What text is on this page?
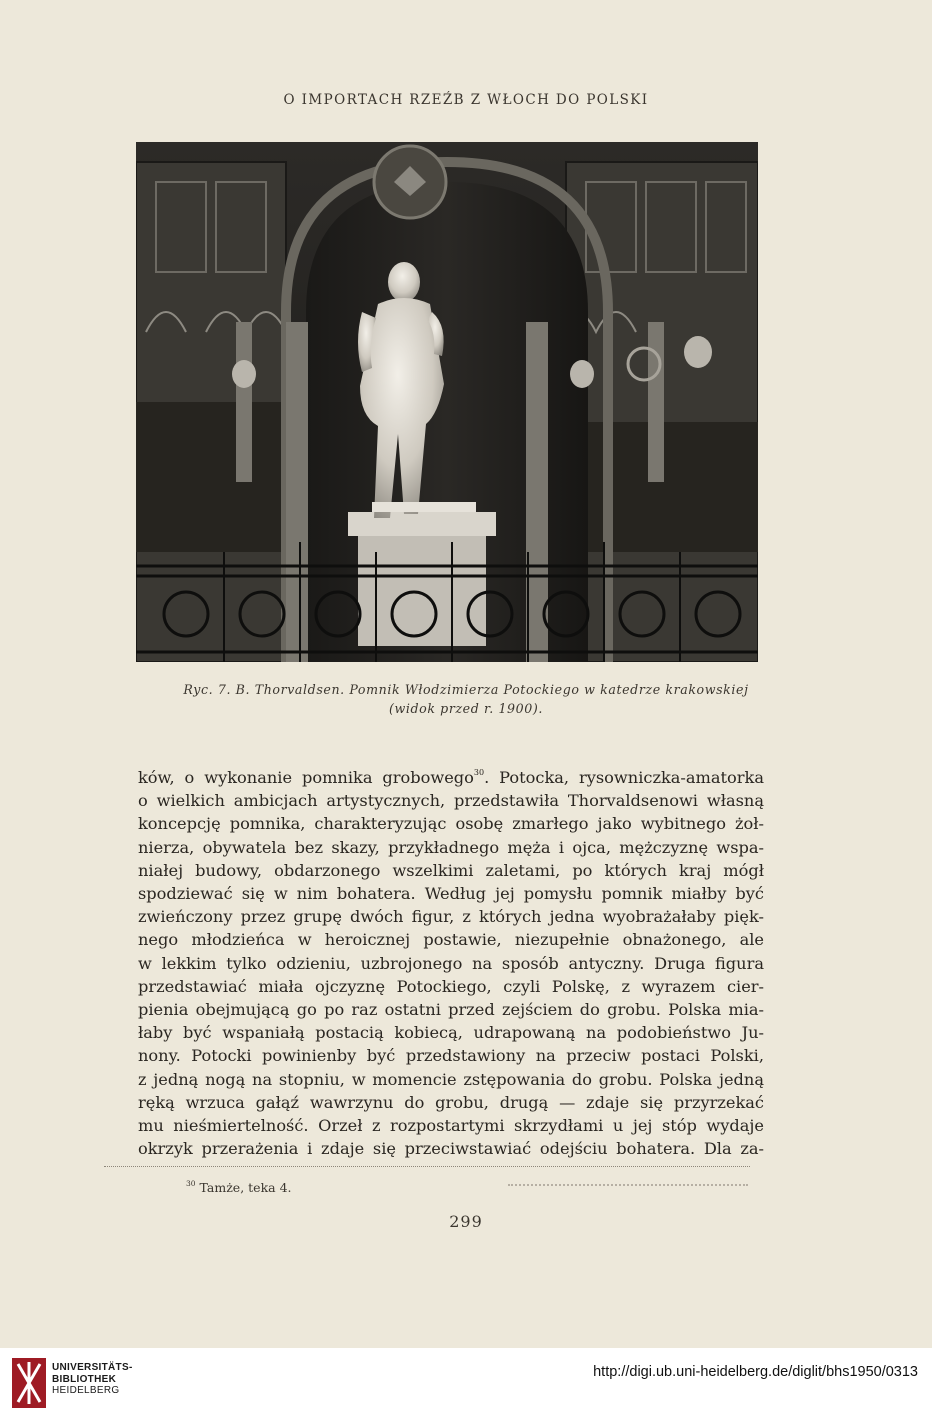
O IMPORTACH RZEŹB Z WŁOCH DO POLSKI
Ryc. 7. B. Thorvaldsen. Pomnik Włodzimierza Potockiego w katedrze krakowskiej
(widok przed r. 1900).
ków, o wykonanie pomnika grobowego$^{30}$. Potocka, rysowniczka-amatorka
o wielkich ambicjach artystycznych, przedstawiła Thorvaldsenowi własną
koncepcję pomnika, charakteryzując osobę zmarłego jako wybitnego żoł-
nierza, obywatela bez skazy, przykładnego męża i ojca, mężczyznę wspa-
niałej budowy, obdarzonego wszelkimi zaletami, po których kraj mógł
spodziewać się w nim bohatera. Według jej pomysłu pomnik miałby być
zwieńczony przez grupę dwóch figur, z których jedna wyobrażałaby pięk-
nego młodzieńca w heroicznej postawie, niezupełnie obnażonego, ale
w lekkim tylko odzieniu, uzbrojonego na sposób antyczny. Druga figura
przedstawiać miała ojczyznę Potockiego, czyli Polskę, z wyrazem cier-
pienia obejmującą go po raz ostatni przed zejściem do grobu. Polska mia-
łaby być wspaniałą postacią kobiecą, udrapowaną na podobieństwo Ju-
nony. Potocki powinienby być przedstawiony na przeciw postaci Polski,
z jedną nogą na stopniu, w momencie zstępowania do grobu. Polska jedną
ręką wrzuca gałąź wawrzynu do grobu, drugą — zdaje się przyrzekać
mu nieśmiertelność. Orzeł z rozpostartymi skrzydłami u jej stóp wydaje
okrzyk przerażenia i zdaje się przeciwstawiać odejściu bohatera. Dla za-
$^{30}$ Tamże, teka 4.
299
UNIVERSITÄTS-
BIBLIOTHEK
HEIDELBERG
http://digi.ub.uni-heidelberg.de/diglit/bhs1950/0313
